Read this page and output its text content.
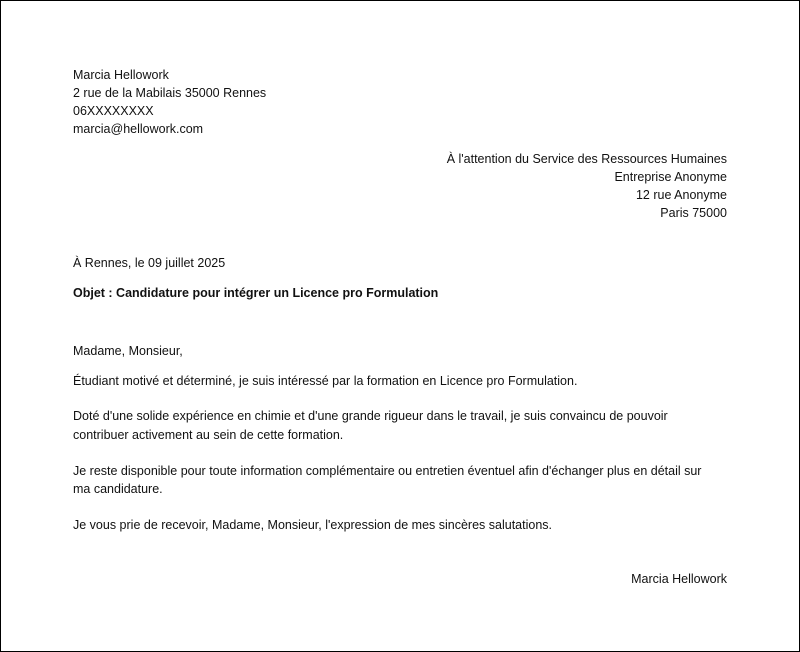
Marcia Hellowork
2 rue de la Mabilais 35000 Rennes
06XXXXXXXX
marcia@hellowork.com
À l'attention du Service des Ressources Humaines
Entreprise Anonyme
12 rue Anonyme
Paris 75000
À Rennes, le 09 juillet 2025
Objet : Candidature pour intégrer un Licence pro Formulation
Madame, Monsieur,
Étudiant motivé et déterminé, je suis intéressé par la formation en Licence pro Formulation.
Doté d'une solide expérience en chimie et d'une grande rigueur dans le travail, je suis convaincu de pouvoir
contribuer activement au sein de cette formation.
Je reste disponible pour toute information complémentaire ou entretien éventuel afin d'échanger plus en détail sur
ma candidature.
Je vous prie de recevoir, Madame, Monsieur, l'expression de mes sincères salutations.
Marcia Hellowork
